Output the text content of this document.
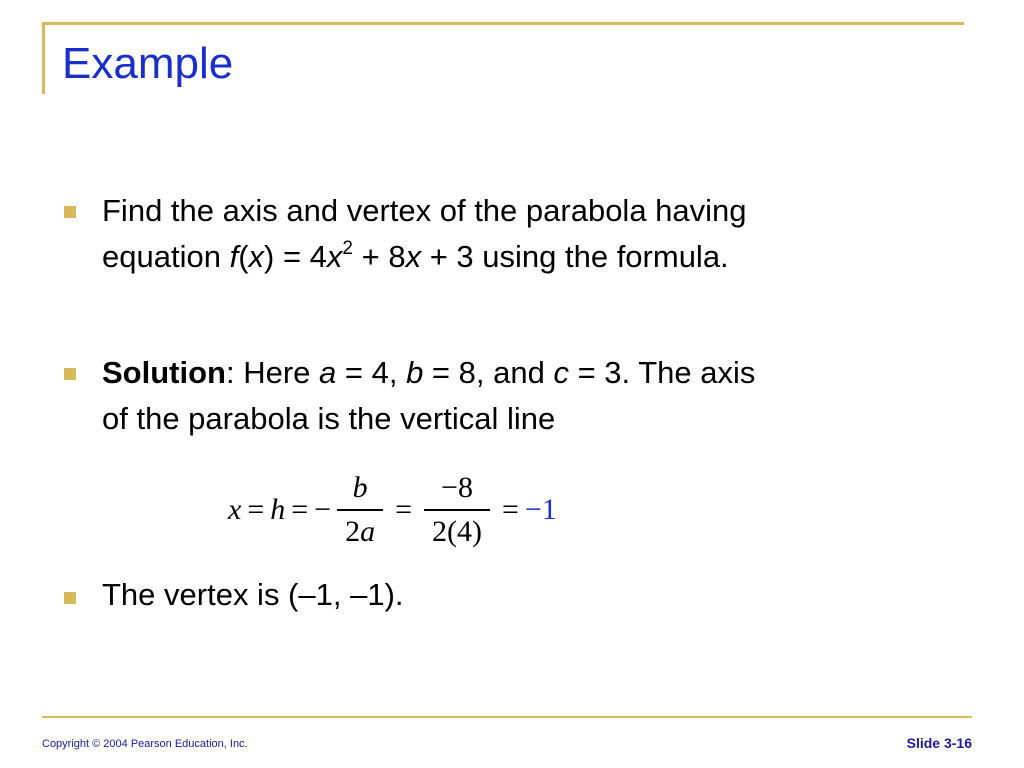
Example
Find the axis and vertex of the parabola having
equation $f(x) = 4x^2 + 8x + 3$ using the formula.
Solution: Here a = 4, b = 8, and c = 3. The axis
of the parabola is the vertical line
x = h = − $\frac{b}{2a} = \frac{-8}{2(4)} = -1$
The vertex is (–1, –1).
Copyright © 2004 Pearson Education, Inc.	Slide 3-16
